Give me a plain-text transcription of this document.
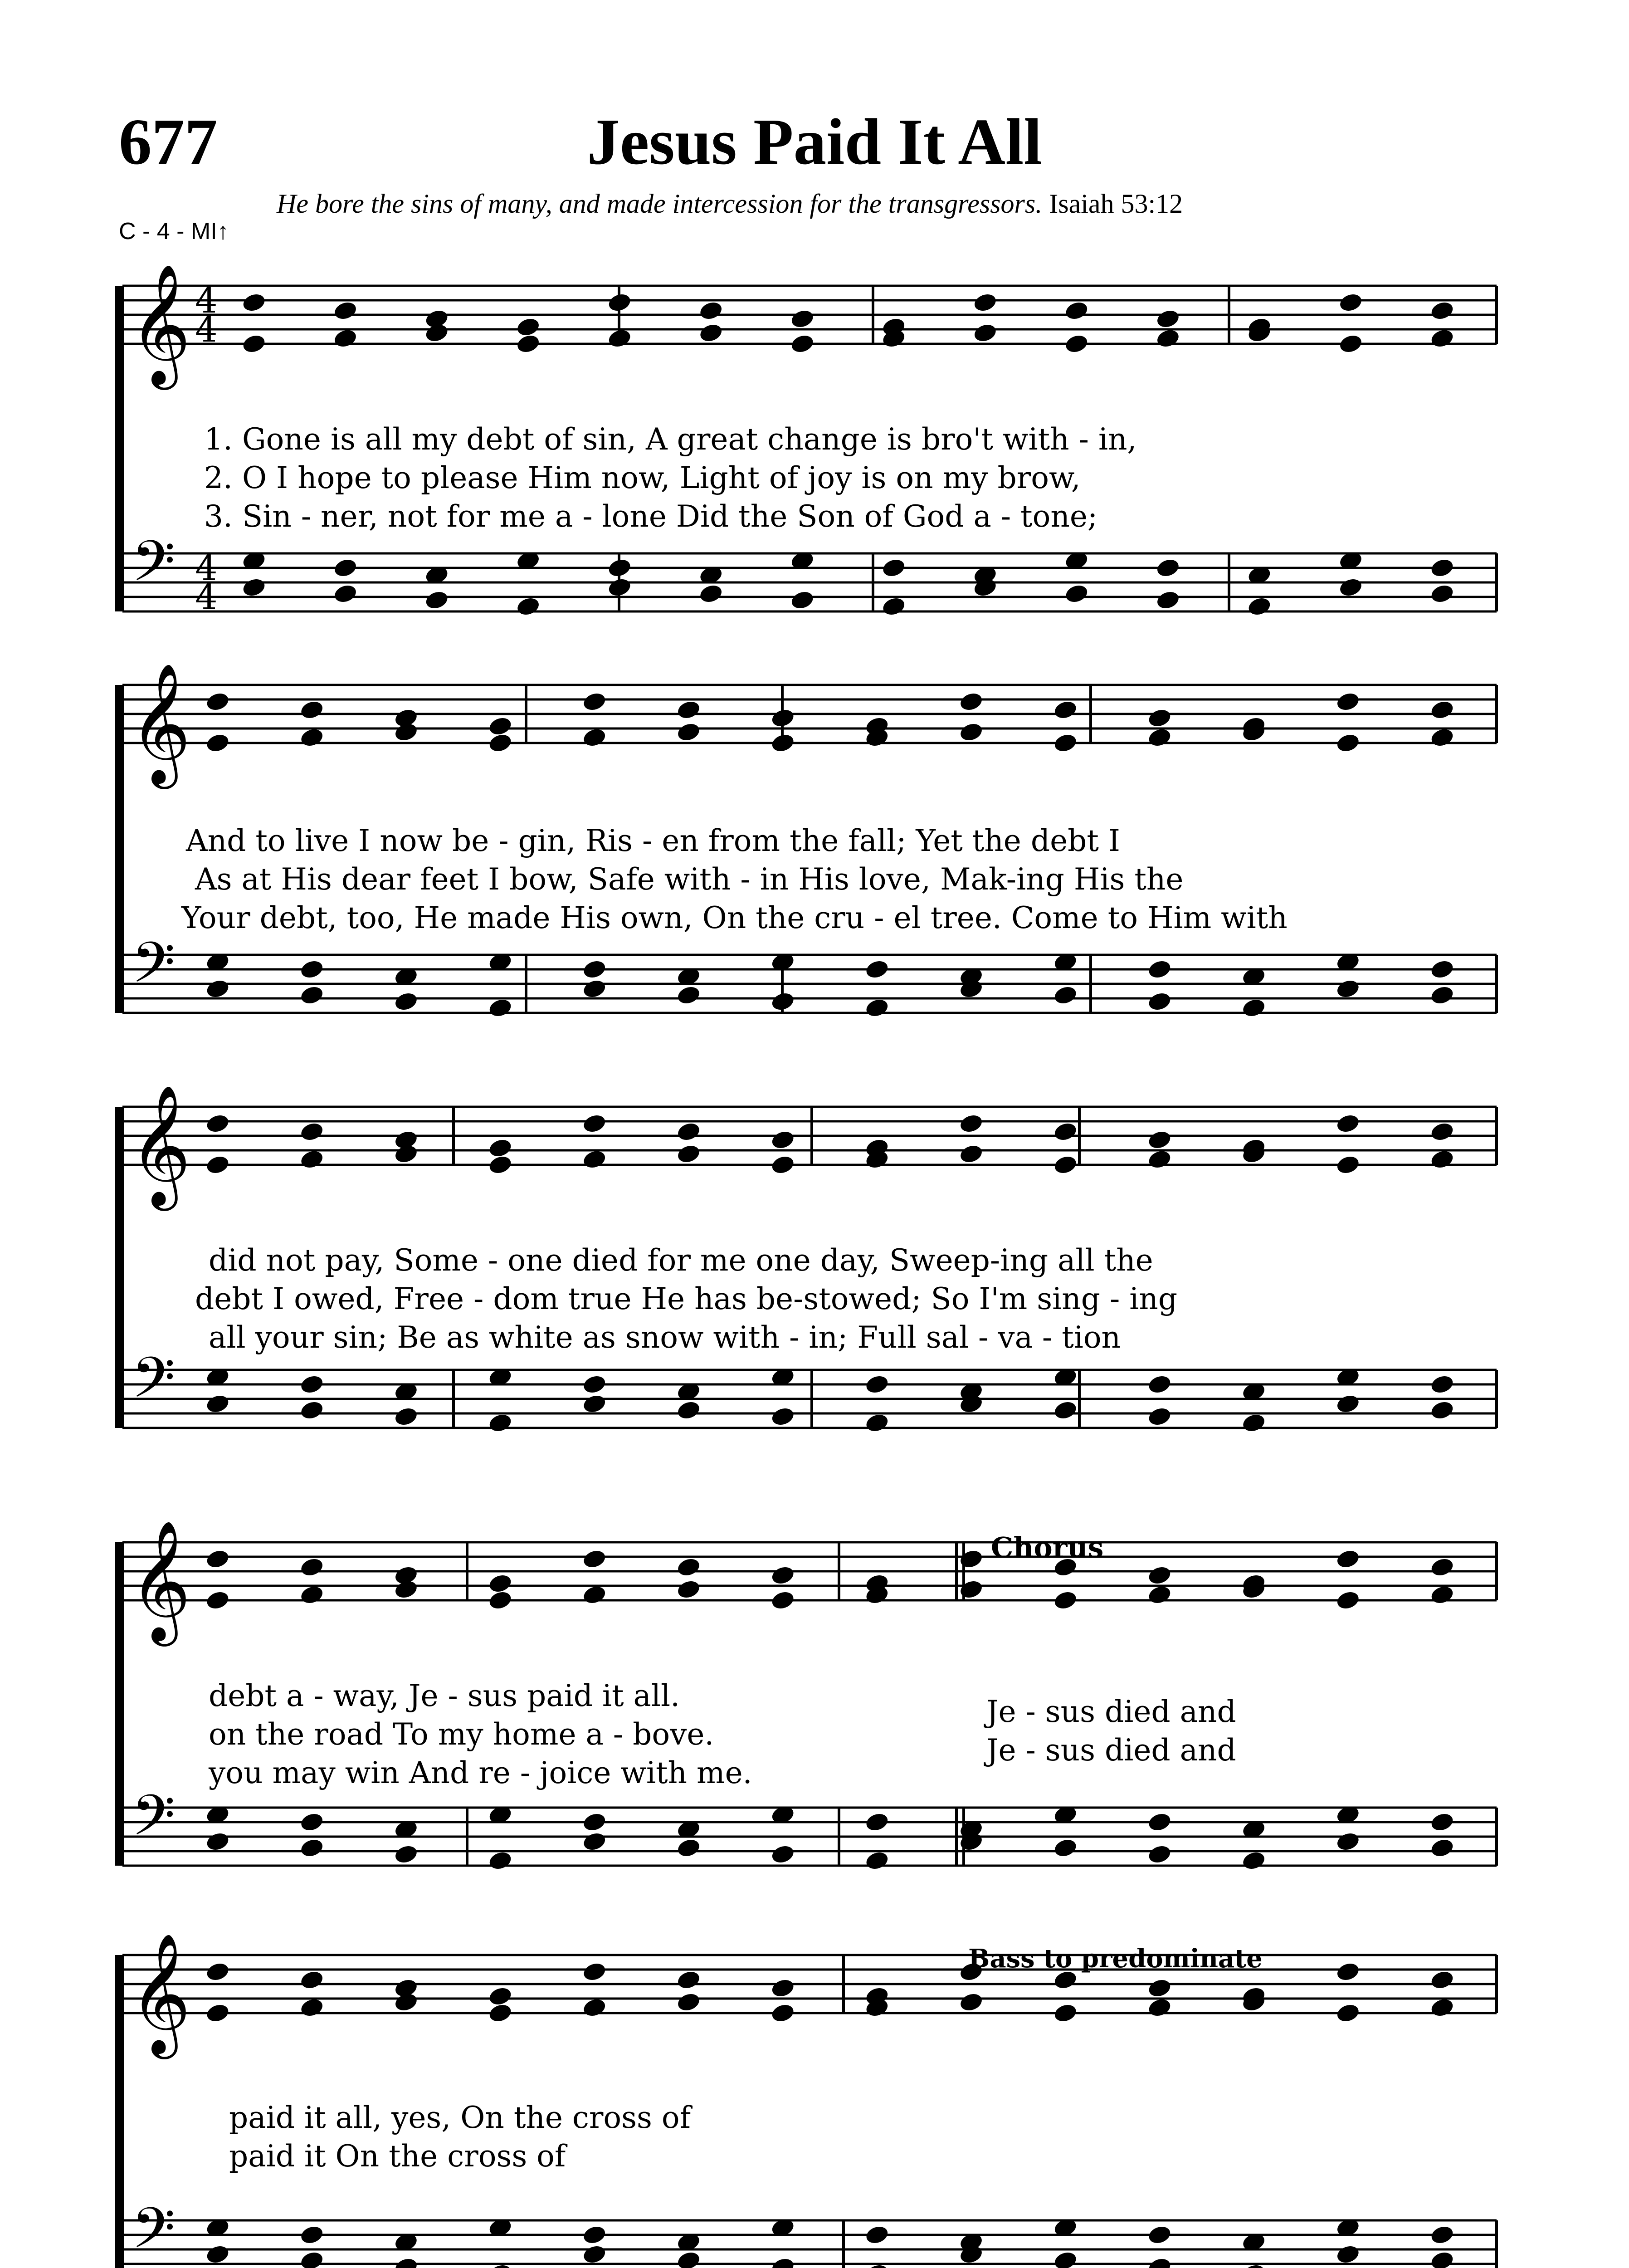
677	Jesus Paid It All
He bore the sins of many, and made intercession for the transgressors. Isaiah 53:12
C - 4 - MI↑
𝄞
𝄢
4
4
4
4
𝄞
𝄢
𝄞
𝄢
𝄞
𝄢
𝄞
𝄢
1. Gone is all my debt of sin, A great change is bro't with - in,
2. O I hope to please Him now, Light of joy is on my brow,
3. Sin - ner, not for me a - lone Did the Son of God a - tone;
And to live I now be - gin, Ris - en from the fall; Yet the debt I
As at His dear feet I bow, Safe with - in His love, Mak-ing His the
Your debt, too, He made His own, On the cru - el tree. Come to Him with
did not pay, Some - one died for me one day, Sweep-ing all the
debt I owed, Free - dom true He has be-stowed; So I'm sing - ing
all your sin; Be as white as snow with - in; Full sal - va - tion
Chorus
debt a - way, Je - sus paid it all.
on the road To my home a - bove.
you may win And re - joice with me.
Je - sus died and
Je - sus died and
Bass to predominate
paid it all, yes, On the cross of
paid it On the cross of
